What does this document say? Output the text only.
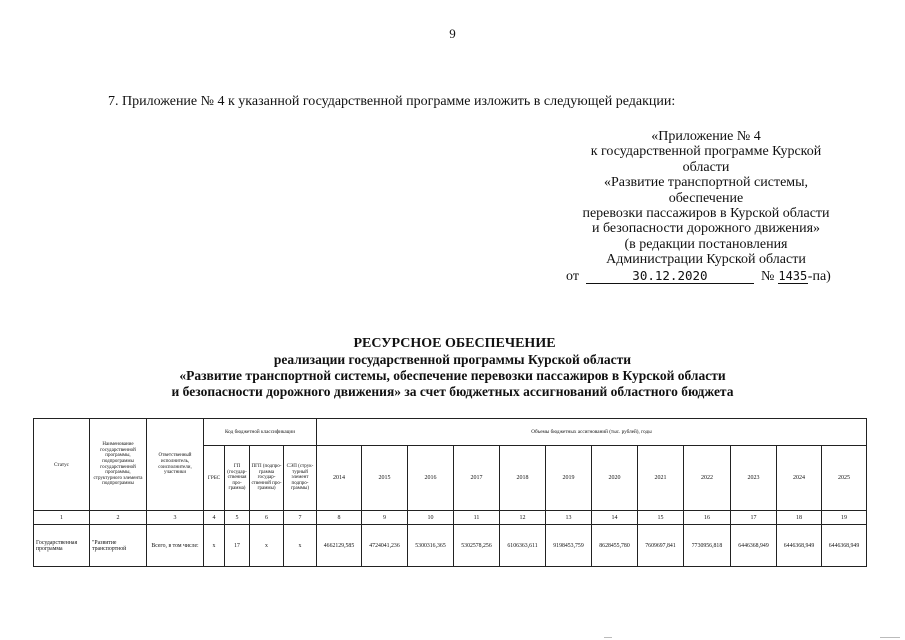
9
7. Приложение № 4 к указанной государственной программе изложить в следующей редакции:
«Приложение № 4
к государственной программе Курской
области
«Развитие транспортной системы,
обеспечение
перевозки пассажиров в Курской области
и безопасности дорожного движения»
(в редакции постановления
Администрации Курской области
от	30.12.2020	№ 1435-па)
РЕСУРСНОЕ ОБЕСПЕЧЕНИЕ
реализации государственной программы Курской области
«Развитие транспортной системы, обеспечение перевозки пассажиров в Курской области
и безопасности дорожного движения» за счет бюджетных ассигнований областного бюджета
Статус	Наименование государственной программы, подпрограммы государственной программы, структурного элемента подпрограммы	Ответственный исполнитель, соисполнители, участники	Код бюджетной классификации				Объемы бюджетных ассигнований (тыс. рублей), годы											
			ГРБС	ГП (государ-ственная про-грамма)	ПГП (подпро-грамма государ-ственной про-граммы)	СЭП (струк-турный элемент подпро-граммы)	2014	2015	2016	2017	2018	2019	2020	2021	2022	2023	2024	2025
1	2	3	4	5	6	7	8	9	10	11	12	13	14	15	16	17	18	19
Государственная программа	"Развитие транспортной	Всего, в том числе:	х	17	х	х	4662129,585	4724041,236	5300316,365	5302578,256	6106363,611	9198453,759	8628455,780	7609697,841	7730956,818	6446368,949	6446368,949	6446368,949
